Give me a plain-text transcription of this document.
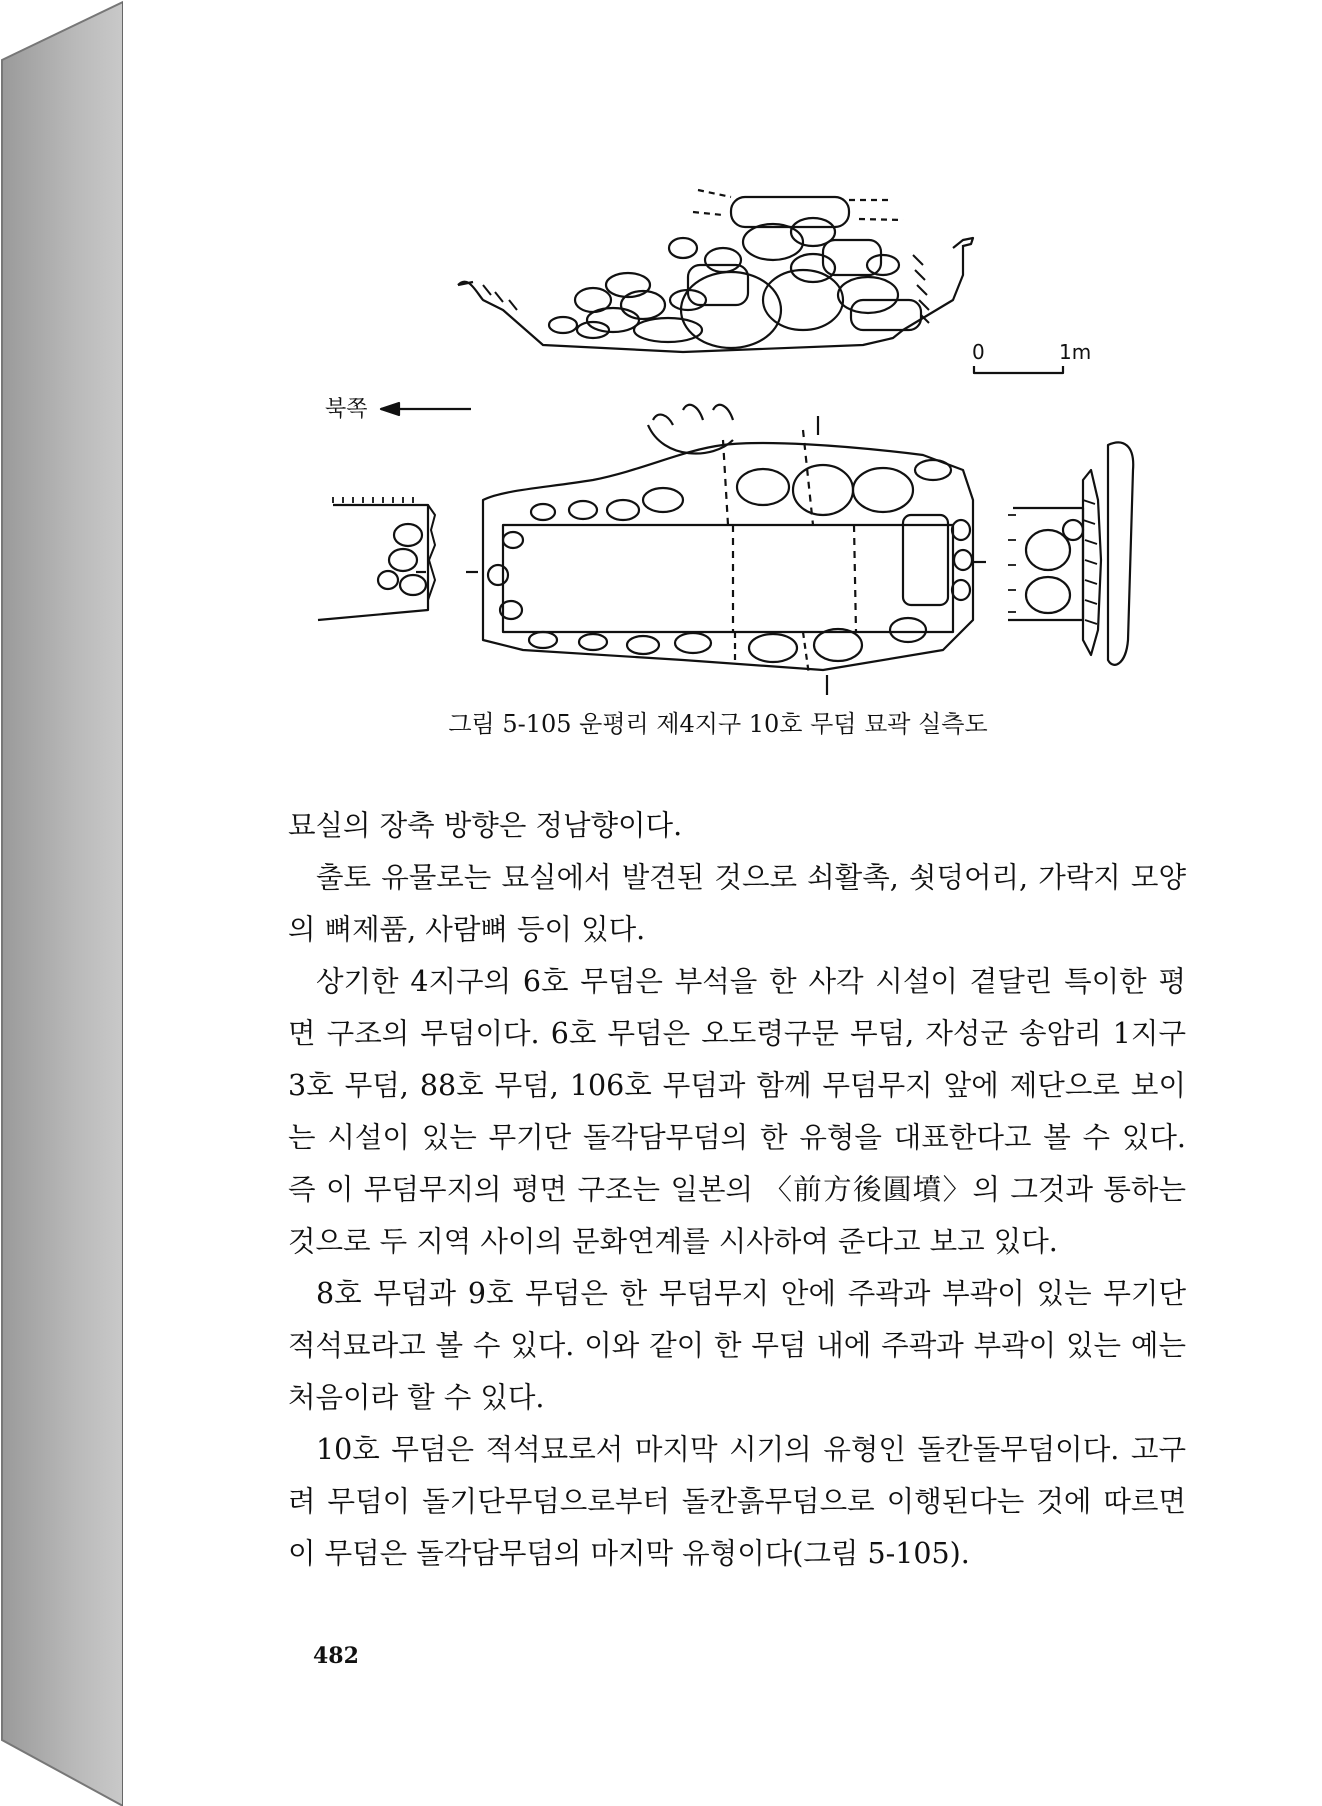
북쪽
0	1m
그림 5-105 운평리 제4지구 10호 무덤 묘곽 실측도

묘실의 장축 방향은 정남향이다.

출토 유물로는 묘실에서 발견된 것으로 쇠활촉, 쇳덩어리, 가락지 모양의 뼈제품, 사람뼈 등이 있다.

상기한 4지구의 6호 무덤은 부석을 한 사각 시설이 곁달린 특이한 평면 구조의 무덤이다. 6호 무덤은 오도령구문 무덤, 자성군 송암리 1지구 3호 무덤, 88호 무덤, 106호 무덤과 함께 무덤무지 앞에 제단으로 보이는 시설이 있는 무기단 돌각담무덤의 한 유형을 대표한다고 볼 수 있다. 즉 이 무덤무지의 평면 구조는 일본의 〈前方後圓墳〉의 그것과 통하는 것으로 두 지역 사이의 문화연계를 시사하여 준다고 보고 있다.

8호 무덤과 9호 무덤은 한 무덤무지 안에 주곽과 부곽이 있는 무기단 적석묘라고 볼 수 있다. 이와 같이 한 무덤 내에 주곽과 부곽이 있는 예는 처음이라 할 수 있다.

10호 무덤은 적석묘로서 마지막 시기의 유형인 돌칸돌무덤이다. 고구려 무덤이 돌기단무덤으로부터 돌칸흙무덤으로 이행된다는 것에 따르면 이 무덤은 돌각담무덤의 마지막 유형이다(그림 5-105).

482
